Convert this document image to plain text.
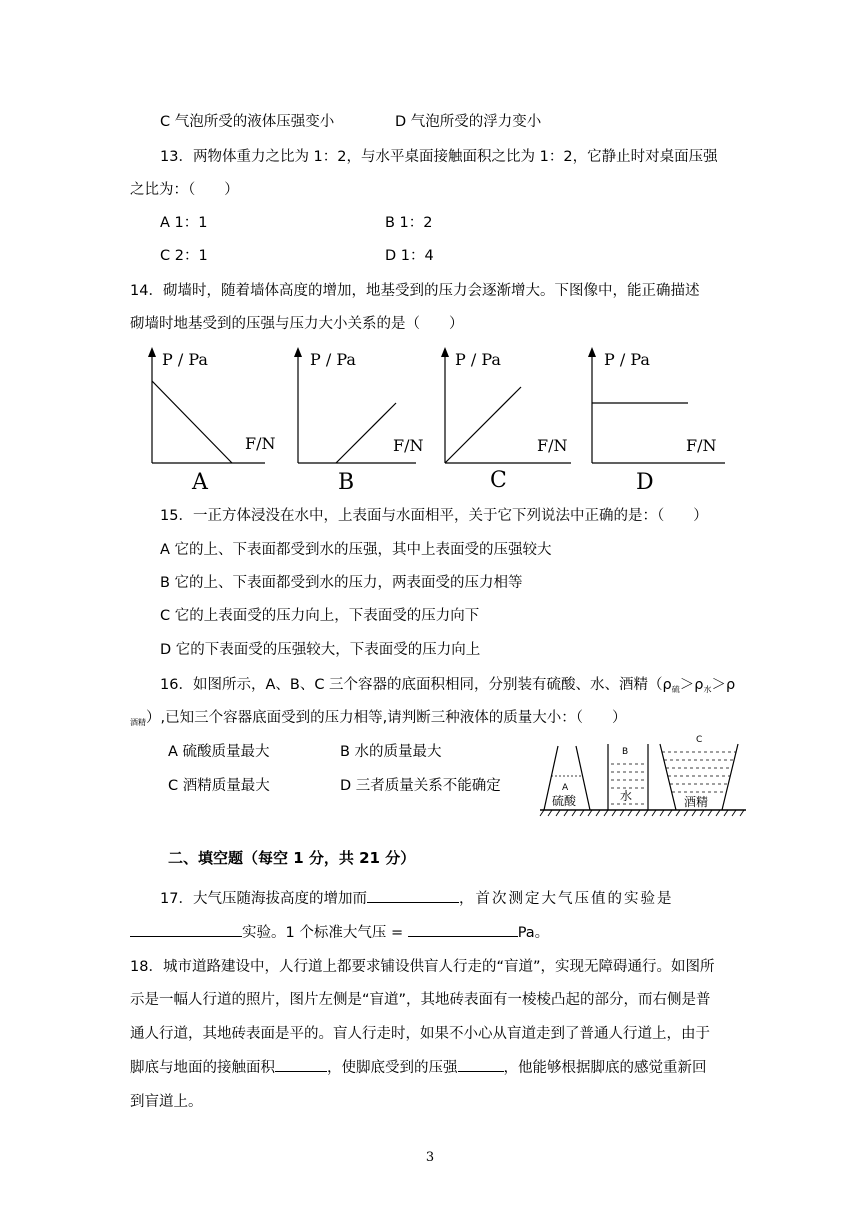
C 气泡所受的液体压强变小	D 气泡所受的浮力变小
13．两物体重力之比为 1：2，与水平桌面接触面积之比为 1：2，它静止时对桌面压强
之比为：（　　）
A 1：1	B 1：2
C 2：1	D 1：4
14．砌墙时，随着墙体高度的增加，地基受到的压力会逐渐增大。下图像中，能正确描述
砌墙时地基受到的压强与压力大小关系的是（　　）
P / Pa
F/N
A
P / Pa
F/N
B
P / Pa
F/N
C
P / Pa
F/N
D
15．一正方体浸没在水中，上表面与水面相平，关于它下列说法中正确的是：（　　）
A 它的上、下表面都受到水的压强，其中上表面受的压强较大
B 它的上、下表面都受到水的压力，两表面受的压力相等
C 它的上表面受的压力向上，下表面受的压力向下
D 它的下表面受的压强较大，下表面受的压力向上
16．如图所示，A、B、C 三个容器的底面积相同，分别装有硫酸、水、酒精（$\rho_硫>\rho_水>\rho$
$_{酒精}$）,已知三个容器底面受到的压力相等,请判断三种液体的质量大小：（　　）
A 硫酸质量最大	B 水的质量最大
C 酒精质量最大	D 三者质量关系不能确定	A
硫酸
B
水
C
酒精
二、填空题（每空 1 分，共 21 分）
17．大气压随海拔高度的增加而	，首次测定大气压值的实验是
实验。1 个标准大气压 =	Pa。
18．城市道路建设中，人行道上都要求铺设供盲人行走的“盲道”，实现无障碍通行。如图所
示是一幅人行道的照片，图片左侧是“盲道”，其地砖表面有一棱棱凸起的部分，而右侧是普
通人行道，其地砖表面是平的。盲人行走时，如果不小心从盲道走到了普通人行道上，由于
脚底与地面的接触面积	，使脚底受到的压强	，他能够根据脚底的感觉重新回
到盲道上。
3
